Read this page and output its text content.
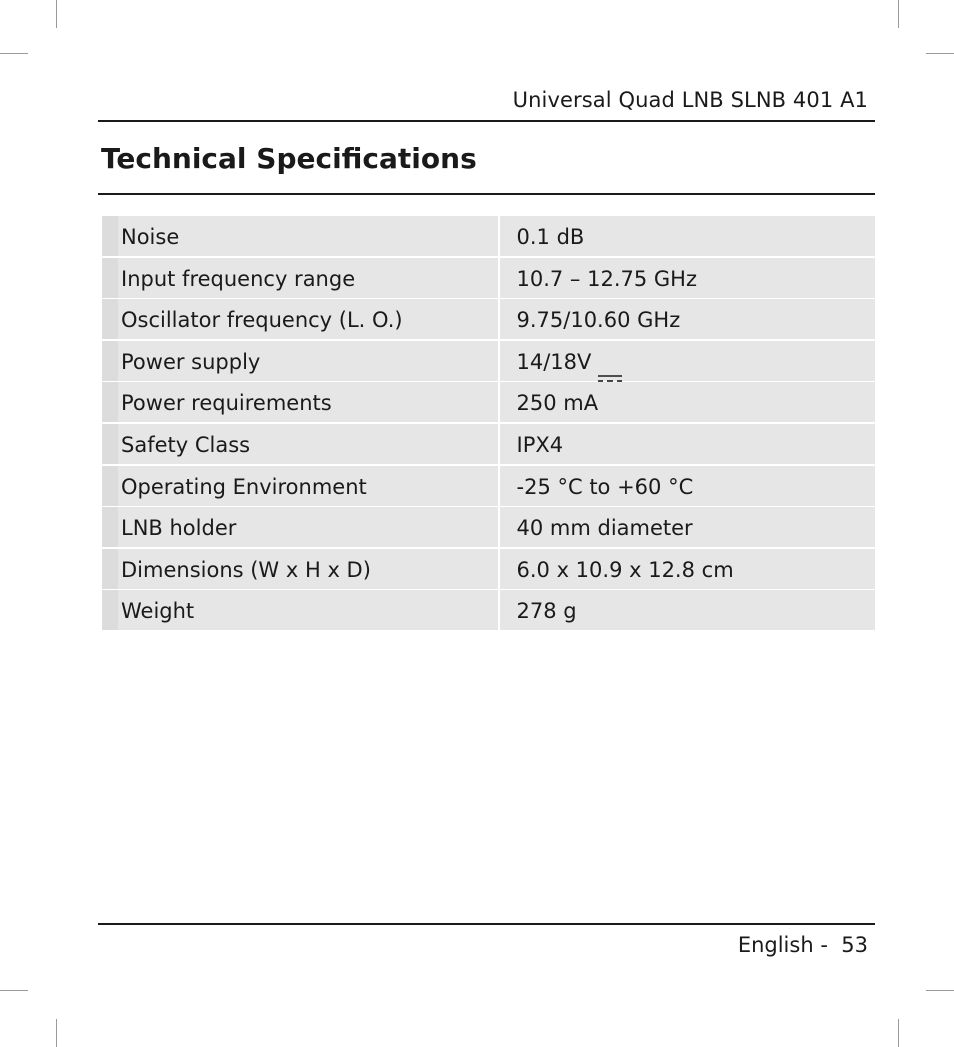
Universal Quad LNB SLNB 401 A1
Technical Specifications
Noise	0.1 dB
Input frequency range	10.7 – 12.75 GHz
Oscillator frequency (L. O.)	9.75/10.60 GHz
Power supply	14/18V
Power requirements	250 mA
Safety Class	IPX4
Operating Environment	-25 °C to +60 °C
LNB holder	40 mm diameter
Dimensions (W x H x D)	6.0 x 10.9 x 12.8 cm
Weight	278 g
English - 53
